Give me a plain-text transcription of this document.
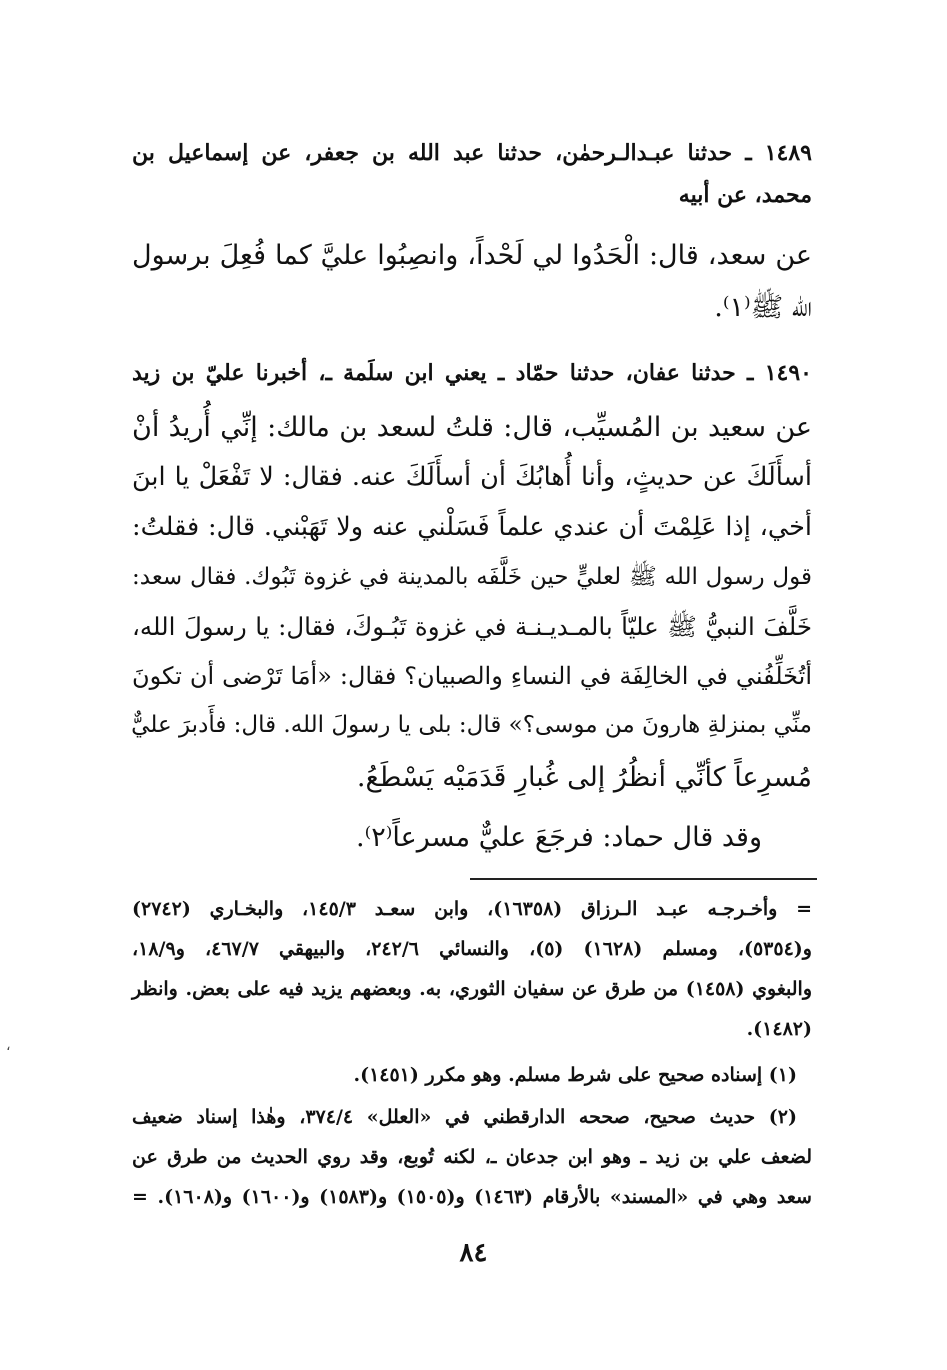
١٤٨٩ ـ حدثنا عبـدالـرحمٰن، حدثنا عبد الله بن جعفر، عن إسماعيل بن
محمد، عن أبيه
عن سعد، قال: الْحَدُوا لي لَحْداً، وانصِبُوا عليَّ كما فُعِلَ برسول
الله ﷺ⁽١⁾.
١٤٩٠ ـ حدثنا عفان، حدثنا حمّاد ـ يعني ابن سلَمة ـ، أخبرنا عليّ بن زيد
عن سعيد بن المُسيِّب، قال: قلتُ لسعد بن مالك: إنِّي أُريدُ أنْ
أسأَلَكَ عن حديثٍ، وأنا أُهابُكَ أن أسأَلَكَ عنه. فقال: لا تَفْعَلْ يا ابنَ
أخي، إذا عَلِمْتَ أن عندي علماً فَسَلْني عنه ولا تَهَبْني. قال: فقلتُ:
قول رسول الله ﷺ لعليٍّ حين خَلَّفَه بالمدينة في غزوة تَبُوك. فقال سعد:
خَلَّفَ النبيُّ ﷺ عليّاً بالمـديـنـة في غزوة تَبُـوكَ، فقال: يا رسولَ الله،
أتُخَلِّفُني في الخالِفَة في النساءِ والصبيان؟ فقال: «أمَا تَرْضى أن تكونَ
منِّي بمنزلةِ هارونَ من موسى؟» قال: بلى يا رسولَ الله. قال: فأَدبرَ عليٌّ
مُسرِعاً كأنِّي أنظُرُ إلى غُبارِ قَدَمَيْه يَسْطَعُ.
وقد قال حماد: فرجَعَ عليٌّ مسرعاً⁽٢⁾.
= وأخـرجـه عبـد الـرزاق (١٦٣٥٨)، وابن سعـد ١٤٥/٣، والبخـاري (٢٧٤٢)
و(٥٣٥٤)، ومسلم (١٦٢٨) (٥)، والنسائي ٢٤٢/٦، والبيهقي ٤٦٧/٧، و١٨/٩،
والبغوي (١٤٥٨) من طرق عن سفيان الثوري، به. وبعضهم يزيد فيه على بعض. وانظر
(١٤٨٢).
(١) إسناده صحيح على شرط مسلم. وهو مكرر (١٤٥١).
(٢) حديث صحيح، صححه الدارقطني في «العلل» ٣٧٤/٤، وهٰذا إسناد ضعيف
لضعف علي بن زيد ـ وهو ابن جدعان ـ، لكنه تُوبع، وقد روي الحديث من طرق عن
سعد وهي في «المسند» بالأرقام (١٤٦٣) و(١٥٠٥) و(١٥٨٣) و(١٦٠٠) و(١٦٠٨). =
٨٤
،
